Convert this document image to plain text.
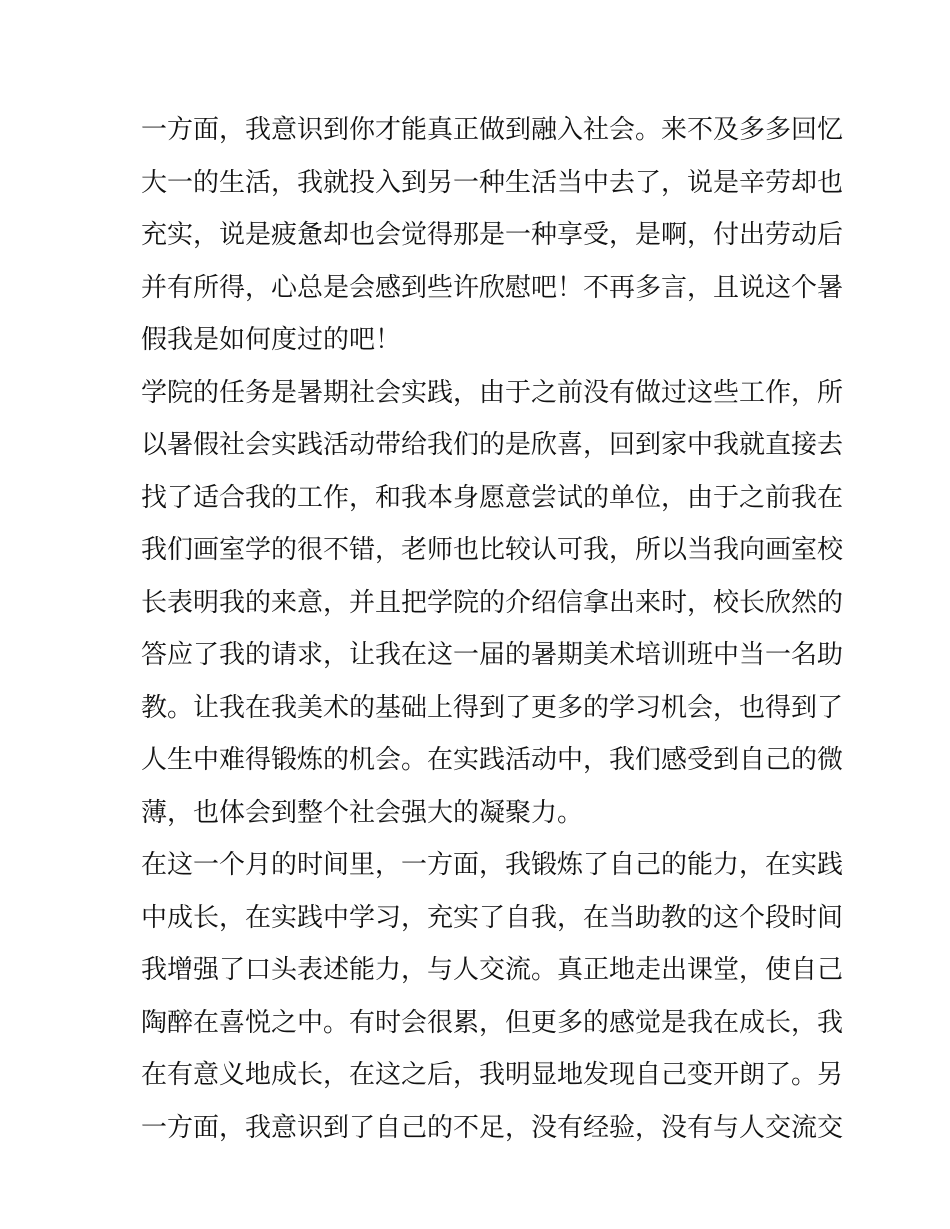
一方面，我意识到你才能真正做到融入社会。来不及多多回忆
大一的生活，我就投入到另一种生活当中去了，说是辛劳却也
充实，说是疲惫却也会觉得那是一种享受，是啊，付出劳动后
并有所得，心总是会感到些许欣慰吧！不再多言，且说这个暑
假我是如何度过的吧！
学院的任务是暑期社会实践，由于之前没有做过这些工作，所
以暑假社会实践活动带给我们的是欣喜，回到家中我就直接去
找了适合我的工作，和我本身愿意尝试的单位，由于之前我在
我们画室学的很不错，老师也比较认可我，所以当我向画室校
长表明我的来意，并且把学院的介绍信拿出来时，校长欣然的
答应了我的请求，让我在这一届的暑期美术培训班中当一名助
教。让我在我美术的基础上得到了更多的学习机会，也得到了
人生中难得锻炼的机会。在实践活动中，我们感受到自己的微
薄，也体会到整个社会强大的凝聚力。
在这一个月的时间里，一方面，我锻炼了自己的能力，在实践
中成长，在实践中学习，充实了自我，在当助教的这个段时间
我增强了口头表述能力，与人交流。真正地走出课堂，使自己
陶醉在喜悦之中。有时会很累，但更多的感觉是我在成长，我
在有意义地成长，在这之后，我明显地发现自己变开朗了。另
一方面，我意识到了自己的不足，没有经验，没有与人交流交
